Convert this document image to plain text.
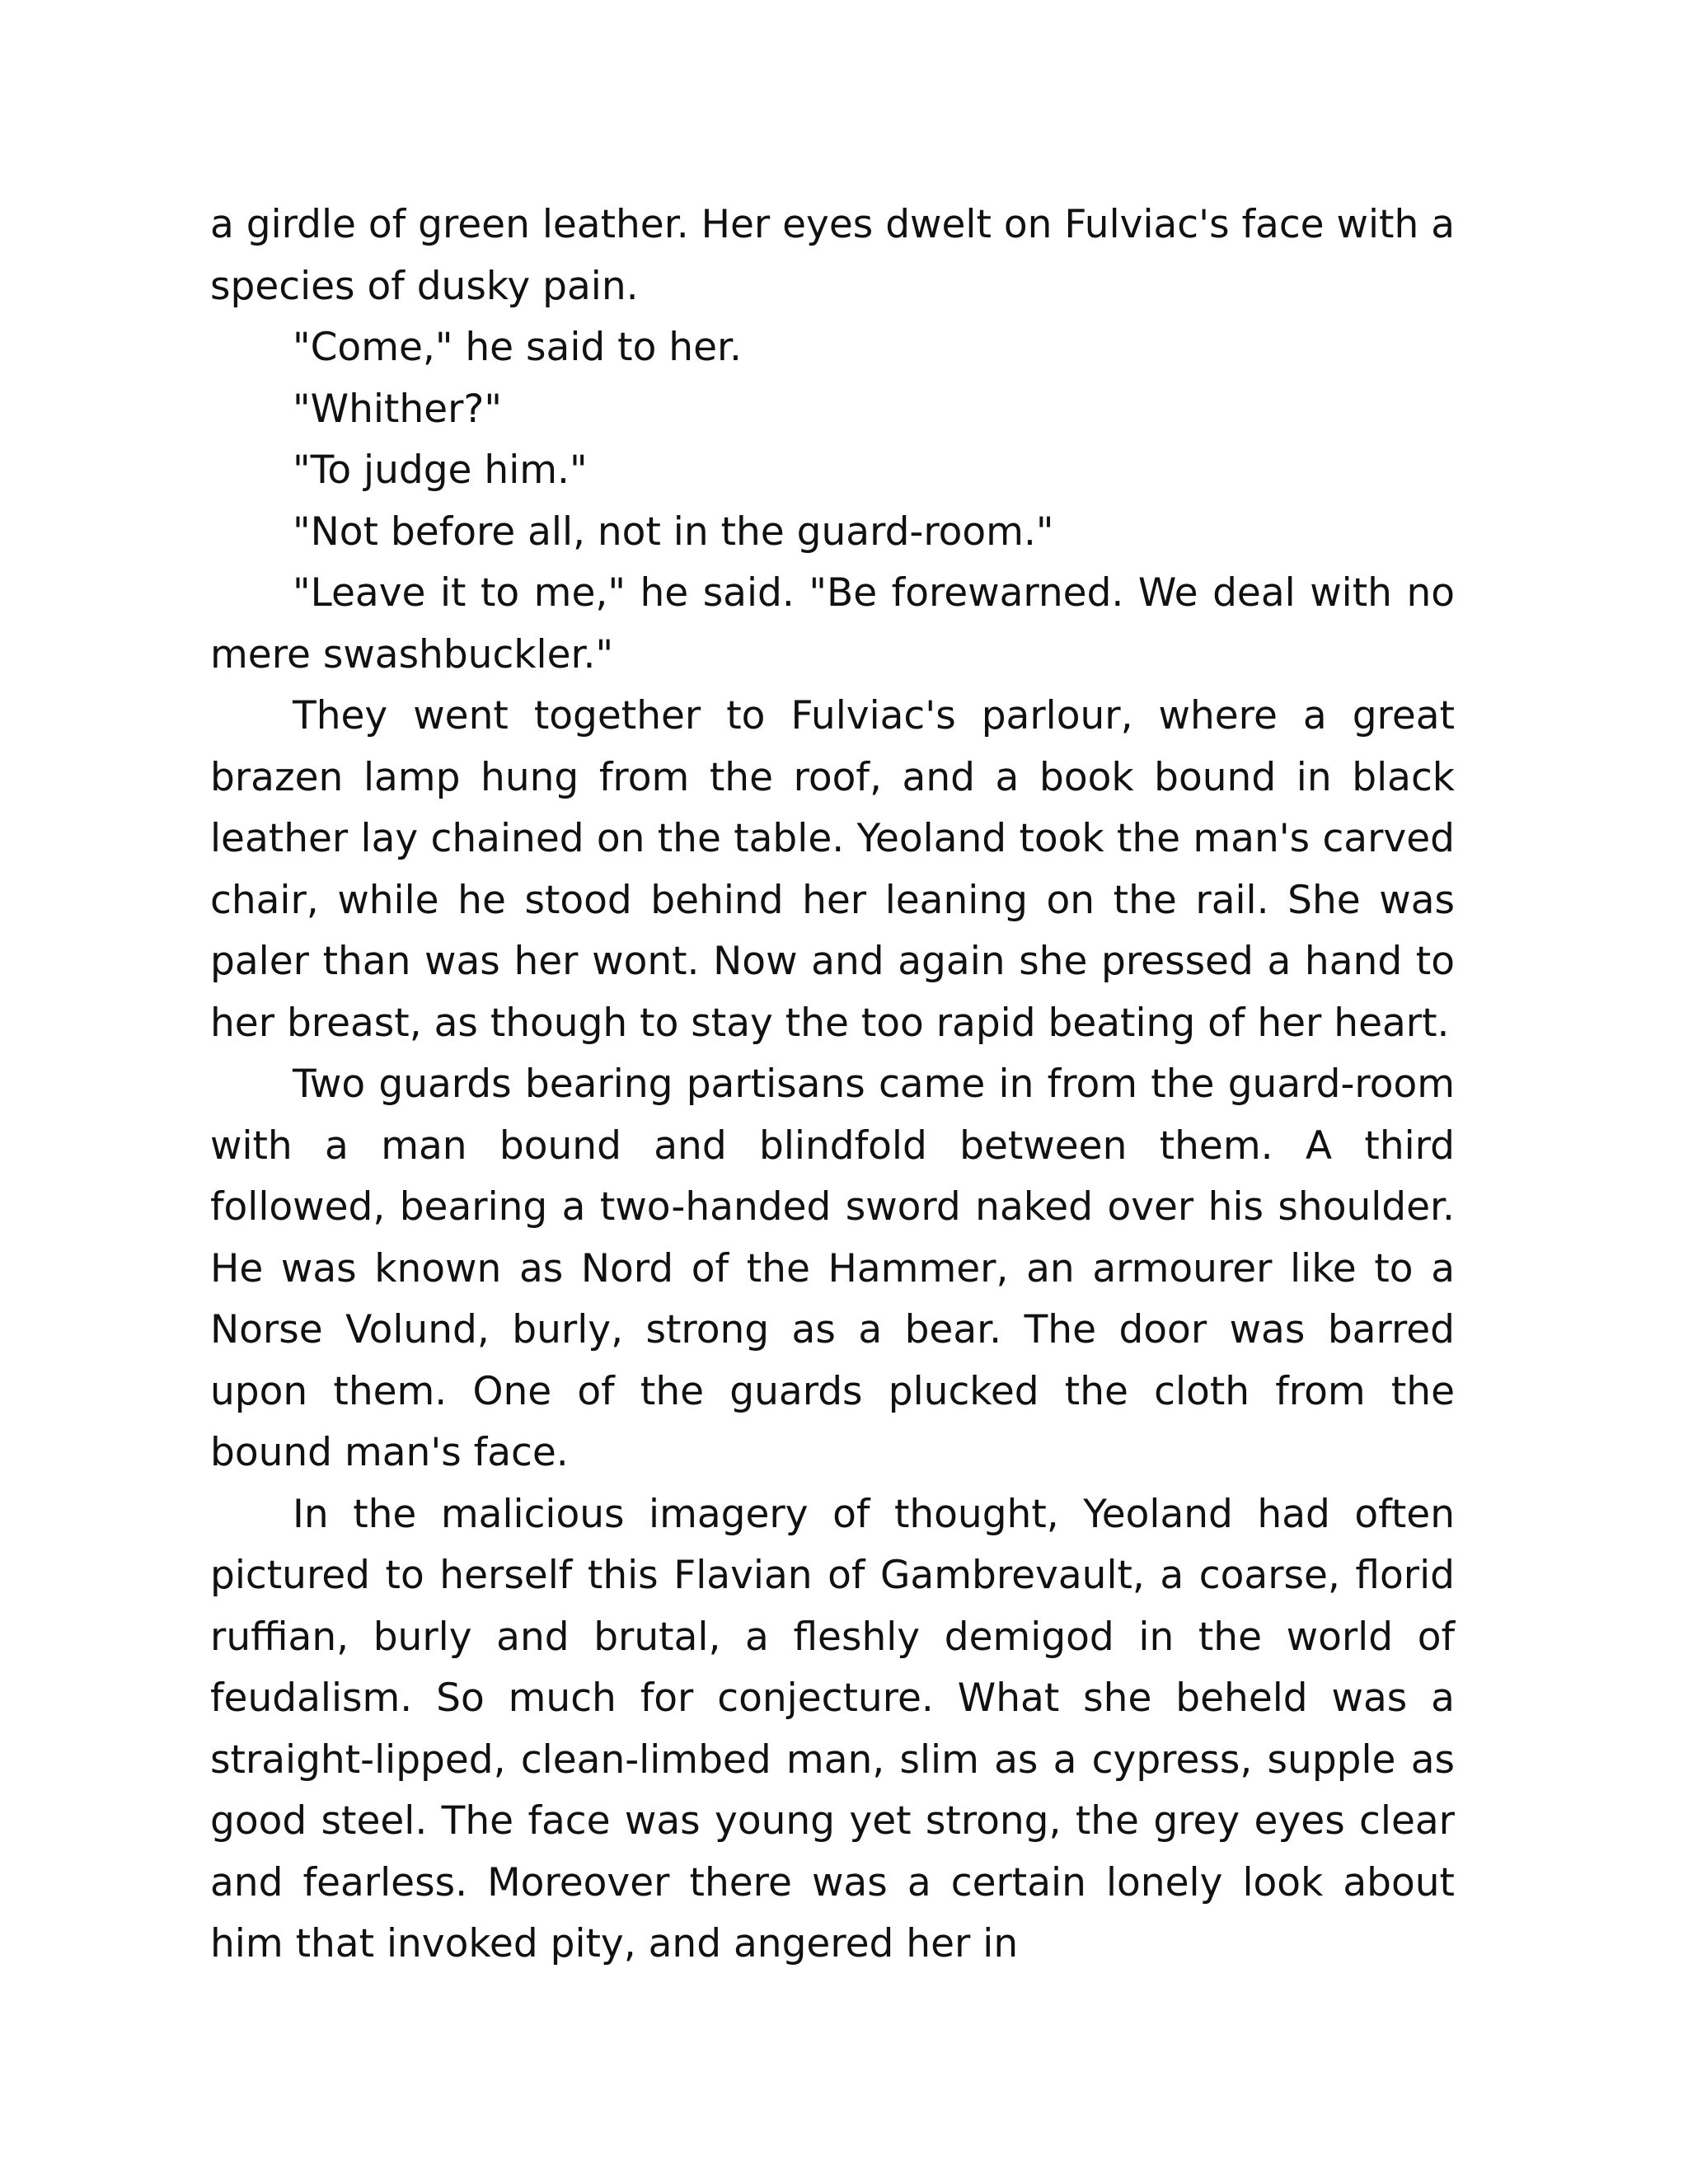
a girdle of green leather. Her eyes dwelt on Fulviac's face with a species of dusky pain.

"Come," he said to her.

"Whither?"

"To judge him."

"Not before all, not in the guard-room."

"Leave it to me," he said. "Be forewarned. We deal with no mere swashbuckler."

They went together to Fulviac's parlour, where a great brazen lamp hung from the roof, and a book bound in black leather lay chained on the table. Yeoland took the man's carved chair, while he stood behind her leaning on the rail. She was paler than was her wont. Now and again she pressed a hand to her breast, as though to stay the too rapid beating of her heart.

Two guards bearing partisans came in from the guard-room with a man bound and blindfold between them. A third followed, bearing a two-handed sword naked over his shoulder. He was known as Nord of the Hammer, an armourer like to a Norse Volund, burly, strong as a bear. The door was barred upon them. One of the guards plucked the cloth from the bound man's face.

In the malicious imagery of thought, Yeoland had often pictured to herself this Flavian of Gambrevault, a coarse, florid ruffian, burly and brutal, a fleshly demigod in the world of feudalism. So much for conjecture. What she beheld was a straight-lipped, clean-limbed man, slim as a cypress, supple as good steel. The face was young yet strong, the grey eyes clear and fearless. Moreover there was a certain lonely look about him that invoked pity, and angered her in
